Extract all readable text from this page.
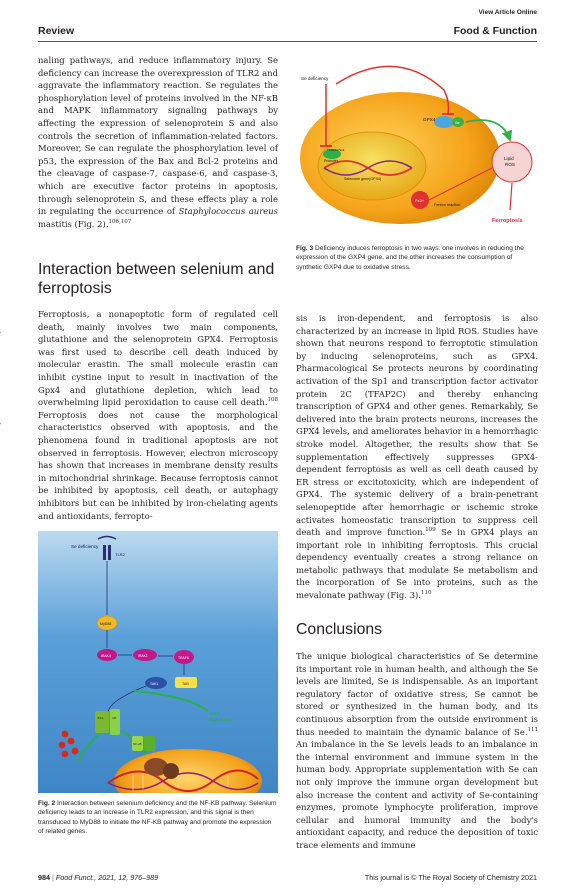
Review
View Article Online
Food & Function

naling pathways, and reduce inflammatory injury. Se deficiency can increase the overexpression of TLR2 and aggravate the inflammatory reaction. Se regulates the phosphorylation level of proteins involved in the NF-κB and MAPK inflammatory signaling pathways by affecting the expression of selenoprotein S and also controls the secretion of inflammation-related factors. Moreover, Se can regulate the phosphorylation level of p53, the expression of the Bax and Bcl-2 proteins and the cleavage of caspase-7, caspase-6, and caspase-3, which are executive factor proteins in apoptosis, through selenoprotein S, and these effects play a role in regulating the occurrence of Staphylococcus aureus mastitis (Fig. 2).$^{106,107}$

Interaction between selenium and ferroptosis

Ferroptosis, a nonapoptotic form of regulated cell death, mainly involves two main components, glutathione and the selenoprotein GPX4. Ferroptosis was first used to describe cell death induced by molecular erastin. The small molecule erastin can inhibit cystine input to result in inactivation of the Gpx4 and glutathione depletion, which lead to overwhelming lipid peroxidation to cause cell death.$^{108}$ Ferroptosis does not cause the morphological characteristics observed with apoptosis, and the phenomena found in traditional apoptosis are not observed in ferroptosis. However, electron microscopy has shown that increases in membrane density results in mitochondrial shrinkage. Because ferroptosis cannot be inhibited by apoptosis, cell death, or autophagy inhibitors but can be inhibited by iron-chelating agents and antioxidants, ferropto-

Se deficiency
TLR2
MyD88
IRAK4	IRAK1	TRAF6
TAK1	TAB
IKKs	IκB
Gene
Expression
NF-κB

Fig. 2 Interaction between selenium deficiency and the NF-KB pathway. Selenium deficiency leads to an increase in TLR2 expression, and this signal is then transduced to MyD88 to initiate the NF-KB pathway and promote the expression of related genes.

Se deficiency
GPX4
Se
Lipid
ROS
Ferroptosis
Fe2+
Fenton reaction
TFAP2C/Sp1
Promoter
Selenome gene(GPX4)

Fig. 3 Deficiency induces ferroptosis in two ways: one involves in reducing the expression of the GXP4 gene, and the other increases the consumption of synthetic GXP4 due to oxidative stress.

sis is iron-dependent, and ferroptosis is also characterized by an increase in lipid ROS. Studies have shown that neurons respond to ferroptotic stimulation by inducing selenoproteins, such as GPX4. Pharmacological Se protects neurons by coordinating activation of the Sp1 and transcription factor activator protein 2C (TFAP2C) and thereby enhancing transcription of GPX4 and other genes. Remarkably, Se delivered into the brain protects neurons, increases the GPX4 levels, and ameliorates behavior in a hemorrhagic stroke model. Altogether, the results show that Se supplementation effectively suppresses GPX4-dependent ferroptosis as well as cell death caused by ER stress or excitotoxicity, which are independent of GPX4. The systemic delivery of a brain-penetrant selenopeptide after hemorrhagic or ischemic stroke activates homeostatic transcription to suppress cell death and improve function.$^{109}$ Se in GPX4 plays an important role in inhibiting ferroptosis. This crucial dependency eventually creates a strong reliance on metabolic pathways that modulate Se metabolism and the incorporation of Se into proteins, such as the mevalonate pathway (Fig. 3).$^{110}$

Conclusions

The unique biological characteristics of Se determine its important role in human health, and although the Se levels are limited, Se is indispensable. As an important regulatory factor of oxidative stress, Se cannot be stored or synthesized in the human body, and its continuous absorption from the outside environment is thus needed to maintain the dynamic balance of Se.$^{111}$ An imbalance in the Se levels leads to an imbalance in the internal environment and immune system in the human body. Appropriate supplementation with Se can not only improve the immune organ development but also increase the content and activity of Se-containing enzymes, promote lymphocyte proliferation, improve cellular and humoral immunity and the body's antioxidant capacity, and reduce the deposition of toxic trace elements and immune

984 | Food Funct., 2021, 12, 976–989	This journal is © The Royal Society of Chemistry 2021
